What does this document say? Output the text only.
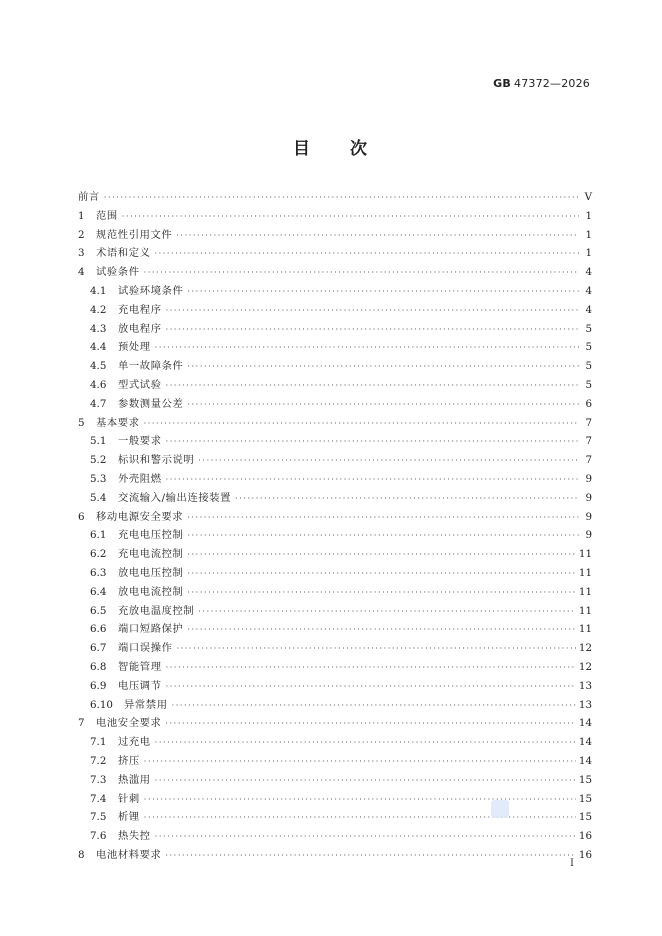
GB 47372—2026
目 次
前言 ·····	Ⅴ
1	范围 ·····	1
2	规范性引用文件 ·····	1
3	术语和定义 ·····	1
4	试验条件 ·····	4
4.1	试验环境条件 ·····	4
4.2	充电程序 ·····	4
4.3	放电程序 ·····	5
4.4	预处理 ·····	5
4.5	单一故障条件 ·····	5
4.6	型式试验 ·····	5
4.7	参数测量公差 ·····	6
5	基本要求 ·····	7
5.1	一般要求 ·····	7
5.2	标识和警示说明 ·····	7
5.3	外壳阻燃 ·····	9
5.4	交流输入/输出连接装置 ·····	9
6	移动电源安全要求 ·····	9
6.1	充电电压控制 ·····	9
6.2	充电电流控制 ·····	11
6.3	放电电压控制 ·····	11
6.4	放电电流控制 ·····	11
6.5	充放电温度控制 ·····	11
6.6	端口短路保护 ·····	11
6.7	端口误操作 ·····	12
6.8	智能管理 ·····	12
6.9	电压调节 ·····	13
6.10	异常禁用 ·····	13
7	电池安全要求 ·····	14
7.1	过充电 ·····	14
7.2	挤压 ·····	14
7.3	热滥用 ·····	15
7.4	针刺 ·····	15
7.5	析锂 ·····	15
7.6	热失控 ·····	16
8	电池材料要求 ·····	16
Ⅰ
